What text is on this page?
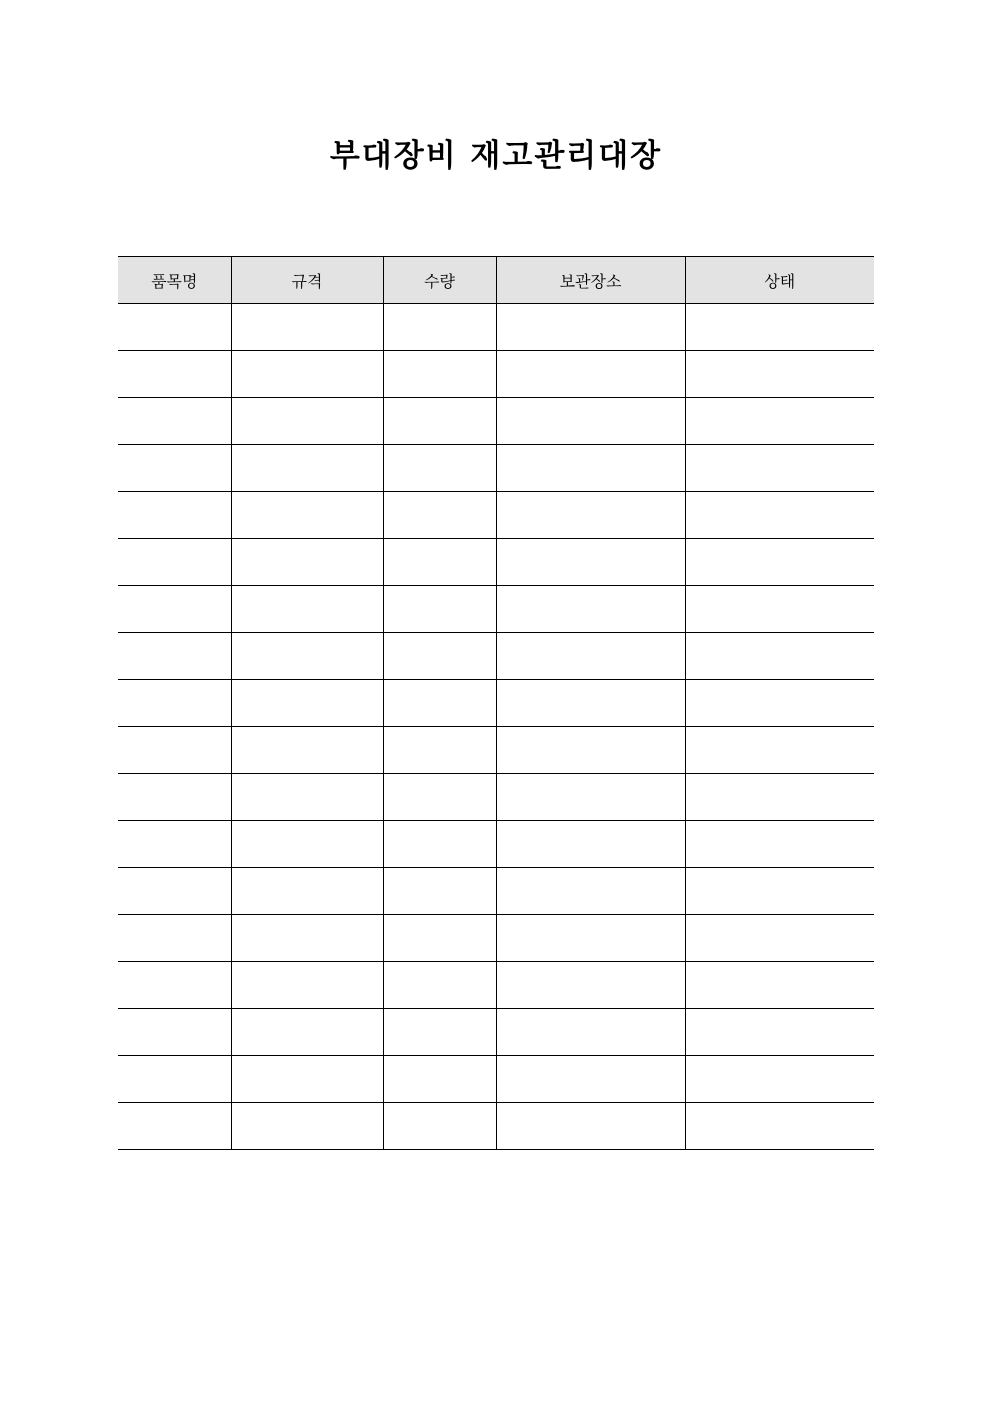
부대장비 재고관리대장
품목명	규격	수량	보관장소	상태
